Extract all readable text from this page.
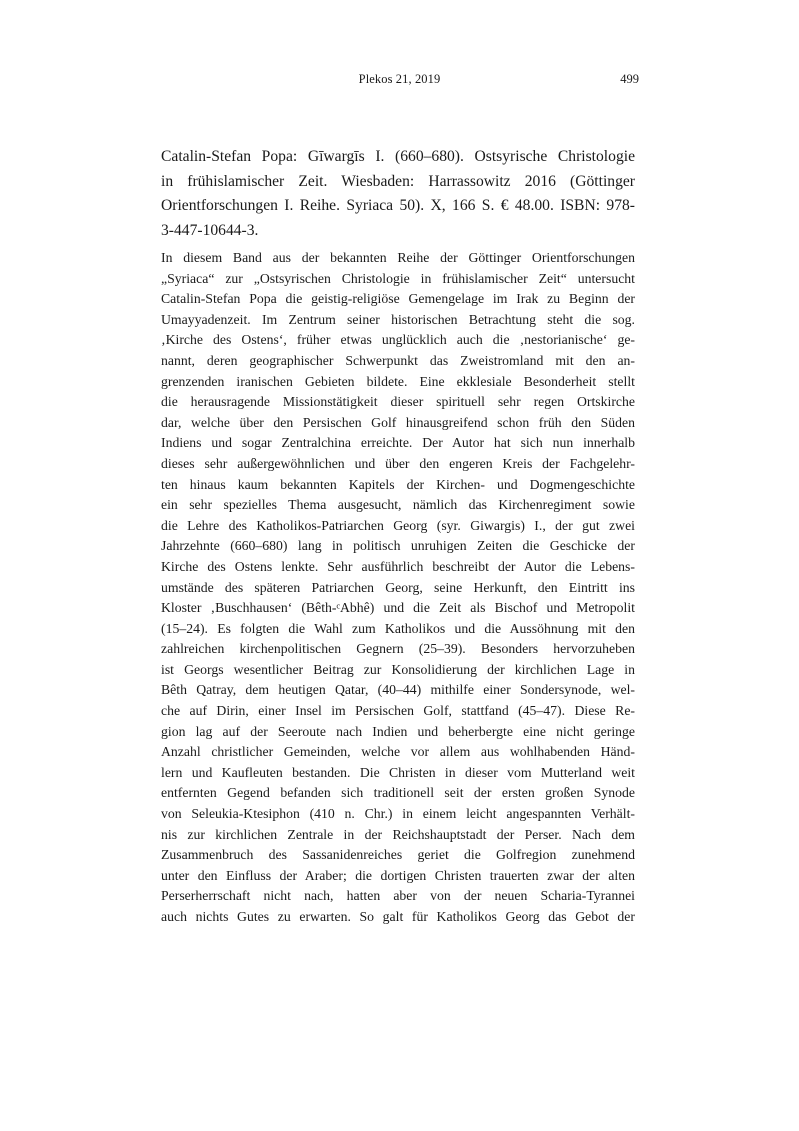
Plekos 21, 2019	499
Catalin-Stefan Popa: Gīwargīs I. (660–680). Ostsyrische Christologie
in frühislamischer Zeit. Wiesbaden: Harrassowitz 2016 (Göttinger
Orientforschungen I. Reihe. Syriaca 50). X, 166 S. € 48.00. ISBN: 978-
3-447-10644-3.
In diesem Band aus der bekannten Reihe der Göttinger Orientforschungen
„Syriaca“ zur „Ostsyrischen Christologie in frühislamischer Zeit“ untersucht
Catalin-Stefan Popa die geistig-religiöse Gemengelage im Irak zu Beginn der
Umayyadenzeit. Im Zentrum seiner historischen Betrachtung steht die sog.
‚Kirche des Ostens‘, früher etwas unglücklich auch die ‚nestorianische‘ ge-
nannt, deren geographischer Schwerpunkt das Zweistromland mit den an-
grenzenden iranischen Gebieten bildete. Eine ekklesiale Besonderheit stellt
die herausragende Missionstätigkeit dieser spirituell sehr regen Ortskirche
dar, welche über den Persischen Golf hinausgreifend schon früh den Süden
Indiens und sogar Zentralchina erreichte. Der Autor hat sich nun innerhalb
dieses sehr außergewöhnlichen und über den engeren Kreis der Fachgelehr-
ten hinaus kaum bekannten Kapitels der Kirchen- und Dogmengeschichte
ein sehr spezielles Thema ausgesucht, nämlich das Kirchenregiment sowie
die Lehre des Katholikos-Patriarchen Georg (syr. Giwargis) I., der gut zwei
Jahrzehnte (660–680) lang in politisch unruhigen Zeiten die Geschicke der
Kirche des Ostens lenkte. Sehr ausführlich beschreibt der Autor die Lebens-
umstände des späteren Patriarchen Georg, seine Herkunft, den Eintritt ins
Kloster ‚Buschhausen‘ (Bêth-ᶜAbhê) und die Zeit als Bischof und Metropolit
(15–24). Es folgten die Wahl zum Katholikos und die Aussöhnung mit den
zahlreichen kirchenpolitischen Gegnern (25–39). Besonders hervorzuheben
ist Georgs wesentlicher Beitrag zur Konsolidierung der kirchlichen Lage in
Bêth Qatray, dem heutigen Qatar, (40–44) mithilfe einer Sondersynode, wel-
che auf Dirin, einer Insel im Persischen Golf, stattfand (45–47). Diese Re-
gion lag auf der Seeroute nach Indien und beherbergte eine nicht geringe
Anzahl christlicher Gemeinden, welche vor allem aus wohlhabenden Händ-
lern und Kaufleuten bestanden. Die Christen in dieser vom Mutterland weit
entfernten Gegend befanden sich traditionell seit der ersten großen Synode
von Seleukia-Ktesiphon (410 n. Chr.) in einem leicht angespannten Verhält-
nis zur kirchlichen Zentrale in der Reichshauptstadt der Perser. Nach dem
Zusammenbruch des Sassanidenreiches geriet die Golfregion zunehmend
unter den Einfluss der Araber; die dortigen Christen trauerten zwar der alten
Perserherrschaft nicht nach, hatten aber von der neuen Scharia-Tyrannei
auch nichts Gutes zu erwarten. So galt für Katholikos Georg das Gebot der
